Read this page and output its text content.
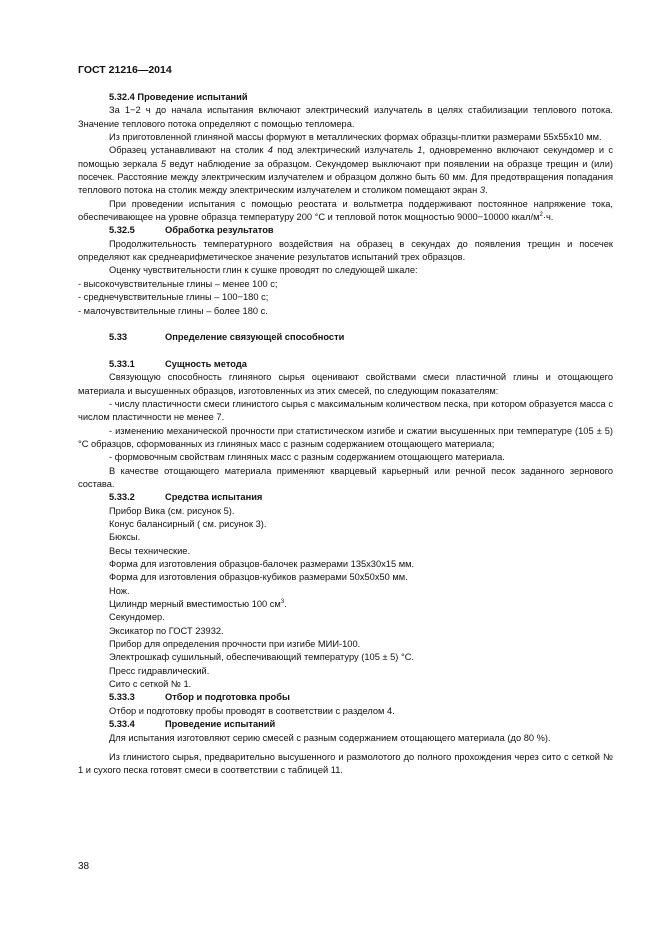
ГОСТ 21216—2014

5.32.4 Проведение испытаний

За 1−2 ч до начала испытания включают электрический излучатель в целях стабилизации теплового потока. Значение теплового потока определяют с помощью тепломера.

Из приготовленной глиняной массы формуют в металлических формах образцы-плитки размерами 55х55х10 мм.

Образец устанавливают на столик 4 под электрический излучатель 1, одновременно включают секундомер и с помощью зеркала 5 ведут наблюдение за образцом. Секундомер выключают при появлении на образце трещин и (или) посечек. Расстояние между электрическим излучателем и образцом должно быть 60 мм. Для предотвращения попадания теплового потока на столик между электрическим излучателем и столиком помещают экран 3.

При проведении испытания с помощью реостата и вольтметра поддерживают постоянное напряжение тока, обеспечивающее на уровне образца температуру 200 °С и тепловой поток мощностью 9000−10000 ккал/$м^2\cdot ч$.

5.32.5	Обработка результатов

Продолжительность температурного воздействия на образец в секундах до появления трещин и посечек определяют как среднеарифметическое значение результатов испытаний трех образцов.

Оценку чувствительности глин к сушке проводят по следующей шкале:

- высокочувствительные глины – менее 100 с;

- среднечувствительные глины – 100−180 с;

- малочувствительные глины – более 180 с.

5.33	Определение связующей способности

5.33.1	Сущность метода

Связующую способность глиняного сырья оценивают свойствами смеси пластичной глины и отощающего материала и высушенных образцов, изготовленных из этих смесей, по следующим показателям:

- числу пластичности смеси глинистого сырья с максимальным количеством песка, при котором образуется масса с числом пластичности не менее 7.

- изменению механической прочности при статистическом изгибе и сжатии высушенных при температуре (105 ± 5) °С образцов, сформованных из глиняных масс с разным содержанием отощающего материала;

- формовочным свойствам глиняных масс с разным содержанием отощающего материала.

В качестве отощающего материала применяют кварцевый карьерный или речной песок заданного зернового состава.

5.33.2	Средства испытания

Прибор Вика (см. рисунок 5).

Конус балансирный ( см. рисунок 3).

Бюксы.

Весы технические.

Форма для изготовления образцов-балочек размерами 135х30х15 мм.

Форма для изготовления образцов-кубиков размерами 50х50х50 мм.

Нож.

Цилиндр мерный вместимостью 100 $см^3$.

Секундомер.

Эксикатор по ГОСТ 23932.

Прибор для определения прочности при изгибе МИИ-100.

Электрошкаф сушильный, обеспечивающий температуру (105 ± 5) °С.

Пресс гидравлический.

Сито с сеткой № 1.

5.33.3	Отбор и подготовка пробы

Отбор и подготовку пробы проводят в соответствии с разделом 4.

5.33.4	Проведение испытаний

Для испытания изготовляют серию смесей с разным содержанием отощающего материала (до 80 %).

Из глинистого сырья, предварительно высушенного и размолотого до полного прохождения через сито с сеткой № 1 и сухого песка готовят смеси в соответствии с таблицей 11.

38
